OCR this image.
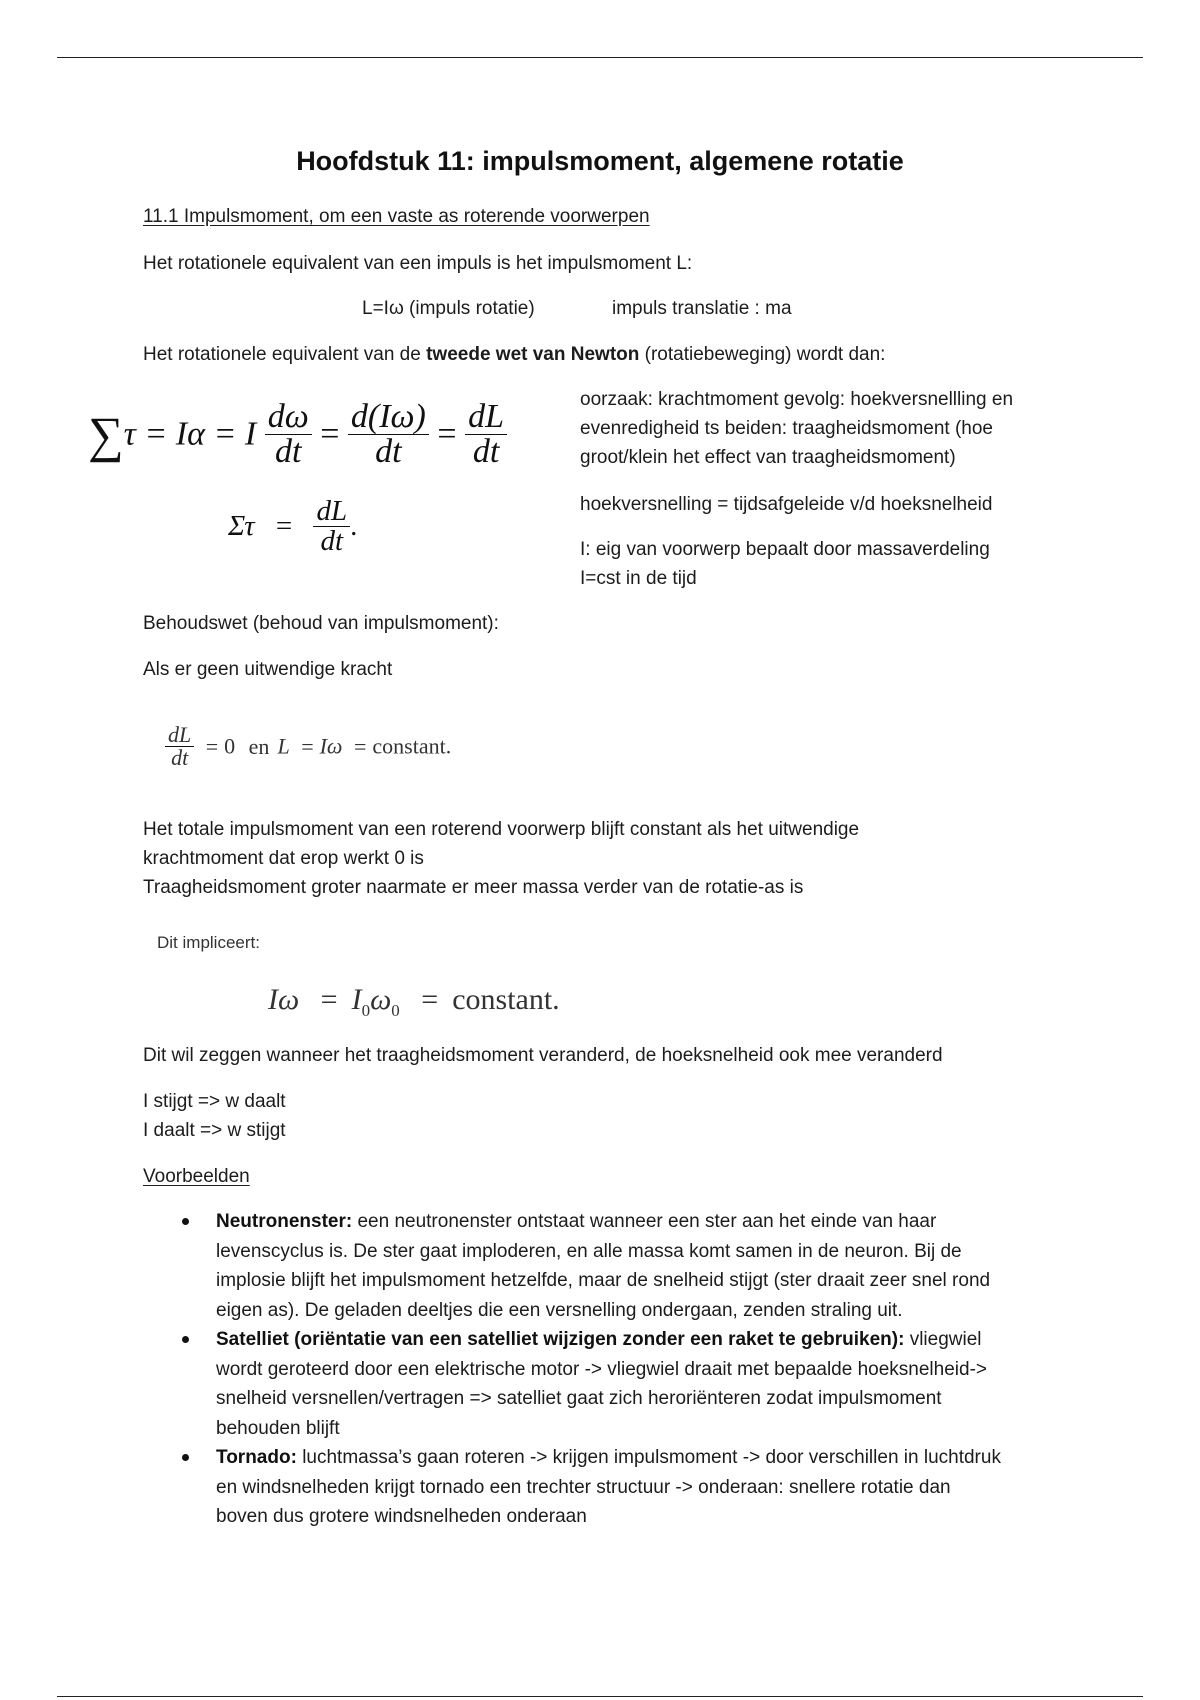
Hoofdstuk 11: impulsmoment, algemene rotatie
11.1 Impulsmoment, om een vaste as roterende voorwerpen
Het rotationele equivalent van een impuls is het impulsmoment L:
L=Iω (impuls rotatie)	impuls translatie : ma
Het rotationele equivalent van de tweede wet van Newton (rotatiebeweging) wordt dan:
∑τ = Iα = I $\frac{d\omega}{dt} = \frac{d(I\omega)}{dt} = \frac{dL}{dt}$
$\Sigma\tau = \frac{dL}{dt}$ .
oorzaak: krachtmoment gevolg: hoekversnellling en
evenredigheid ts beiden: traagheidsmoment (hoe
groot/klein het effect van traagheidsmoment)
hoekversnelling = tijdsafgeleide v/d hoeksnelheid
I: eig van voorwerp bepaalt door massaverdeling
I=cst in de tijd
Behoudswet (behoud van impulsmoment):
Als er geen uitwendige kracht
$\frac{dL}{dt} = 0$ en L = Iω = constant.
Het totale impulsmoment van een roterend voorwerp blijft constant als het uitwendige
krachtmoment dat erop werkt 0 is
Traagheidsmoment groter naarmate er meer massa verder van de rotatie-as is
Dit impliceert:
$I\omega = I_0\omega_0$ = constant.
Dit wil zeggen wanneer het traagheidsmoment veranderd, de hoeksnelheid ook mee veranderd
I stijgt => w daalt
I daalt => w stijgt
Voorbeelden
Neutronenster: een neutronenster ontstaat wanneer een ster aan het einde van haar
levenscyclus is. De ster gaat imploderen, en alle massa komt samen in de neuron. Bij de
implosie blijft het impulsmoment hetzelfde, maar de snelheid stijgt (ster draait zeer snel rond
eigen as). De geladen deeltjes die een versnelling ondergaan, zenden straling uit.
Satelliet (oriëntatie van een satelliet wijzigen zonder een raket te gebruiken): vliegwiel
wordt geroteerd door een elektrische motor -> vliegwiel draait met bepaalde hoeksnelheid->
snelheid versnellen/vertragen => satelliet gaat zich heroriënteren zodat impulsmoment
behouden blijft
Tornado: luchtmassa’s gaan roteren -> krijgen impulsmoment -> door verschillen in luchtdruk
en windsnelheden krijgt tornado een trechter structuur -> onderaan: snellere rotatie dan
boven dus grotere windsnelheden onderaan
